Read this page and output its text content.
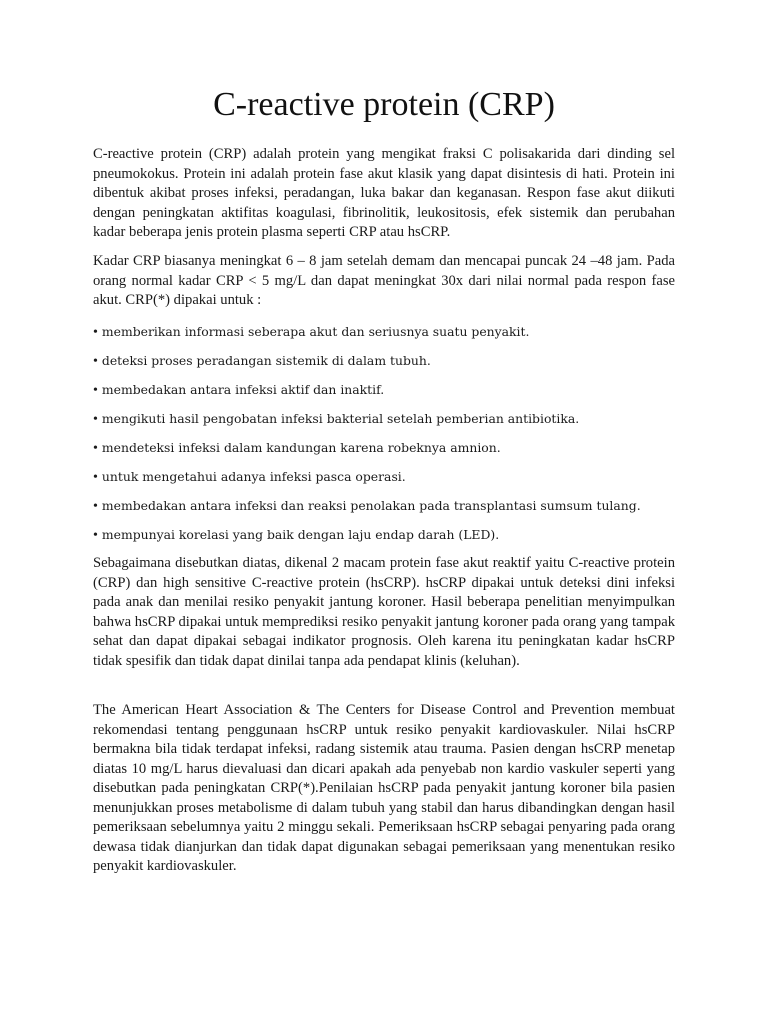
C-reactive protein (CRP)

C-reactive protein (CRP) adalah protein yang mengikat fraksi C polisakarida dari dinding sel pneumokokus. Protein ini adalah protein fase akut klasik yang dapat disintesis di hati. Protein ini dibentuk akibat proses infeksi, peradangan, luka bakar dan keganasan. Respon fase akut diikuti dengan peningkatan aktifitas koagulasi, fibrinolitik, leukositosis, efek sistemik dan perubahan kadar beberapa jenis protein plasma seperti CRP atau hsCRP.

Kadar CRP biasanya meningkat 6 – 8 jam setelah demam dan mencapai puncak 24 –48 jam. Pada orang normal kadar CRP < 5 mg/L dan dapat meningkat 30x dari nilai normal pada respon fase akut. CRP(*) dipakai untuk :

• memberikan informasi seberapa akut dan seriusnya suatu penyakit.
• deteksi proses peradangan sistemik di dalam tubuh.
• membedakan antara infeksi aktif dan inaktif.
• mengikuti hasil pengobatan infeksi bakterial setelah pemberian antibiotika.
• mendeteksi infeksi dalam kandungan karena robeknya amnion.
• untuk mengetahui adanya infeksi pasca operasi.
• membedakan antara infeksi dan reaksi penolakan pada transplantasi sumsum tulang.
• mempunyai korelasi yang baik dengan laju endap darah (LED).

Sebagaimana disebutkan diatas, dikenal 2 macam protein fase akut reaktif yaitu C-reactive protein (CRP) dan high sensitive C-reactive protein (hsCRP). hsCRP dipakai untuk deteksi dini infeksi pada anak dan menilai resiko penyakit jantung koroner. Hasil beberapa penelitian menyimpulkan bahwa hsCRP dipakai untuk memprediksi resiko penyakit jantung koroner pada orang yang tampak sehat dan dapat dipakai sebagai indikator prognosis. Oleh karena itu peningkatan kadar hsCRP tidak spesifik dan tidak dapat dinilai tanpa ada pendapat klinis (keluhan).

The American Heart Association & The Centers for Disease Control and Prevention membuat rekomendasi tentang penggunaan hsCRP untuk resiko penyakit kardiovaskuler. Nilai hsCRP bermakna bila tidak terdapat infeksi, radang sistemik atau trauma. Pasien dengan hsCRP menetap diatas 10 mg/L harus dievaluasi dan dicari apakah ada penyebab non kardio vaskuler seperti yang disebutkan pada peningkatan CRP(*).Penilaian hsCRP pada penyakit jantung koroner bila pasien menunjukkan proses metabolisme di dalam tubuh yang stabil dan harus dibandingkan dengan hasil pemeriksaan sebelumnya yaitu 2 minggu sekali. Pemeriksaan hsCRP sebagai penyaring pada orang dewasa tidak dianjurkan dan tidak dapat digunakan sebagai pemeriksaan yang menentukan resiko penyakit kardiovaskuler.
